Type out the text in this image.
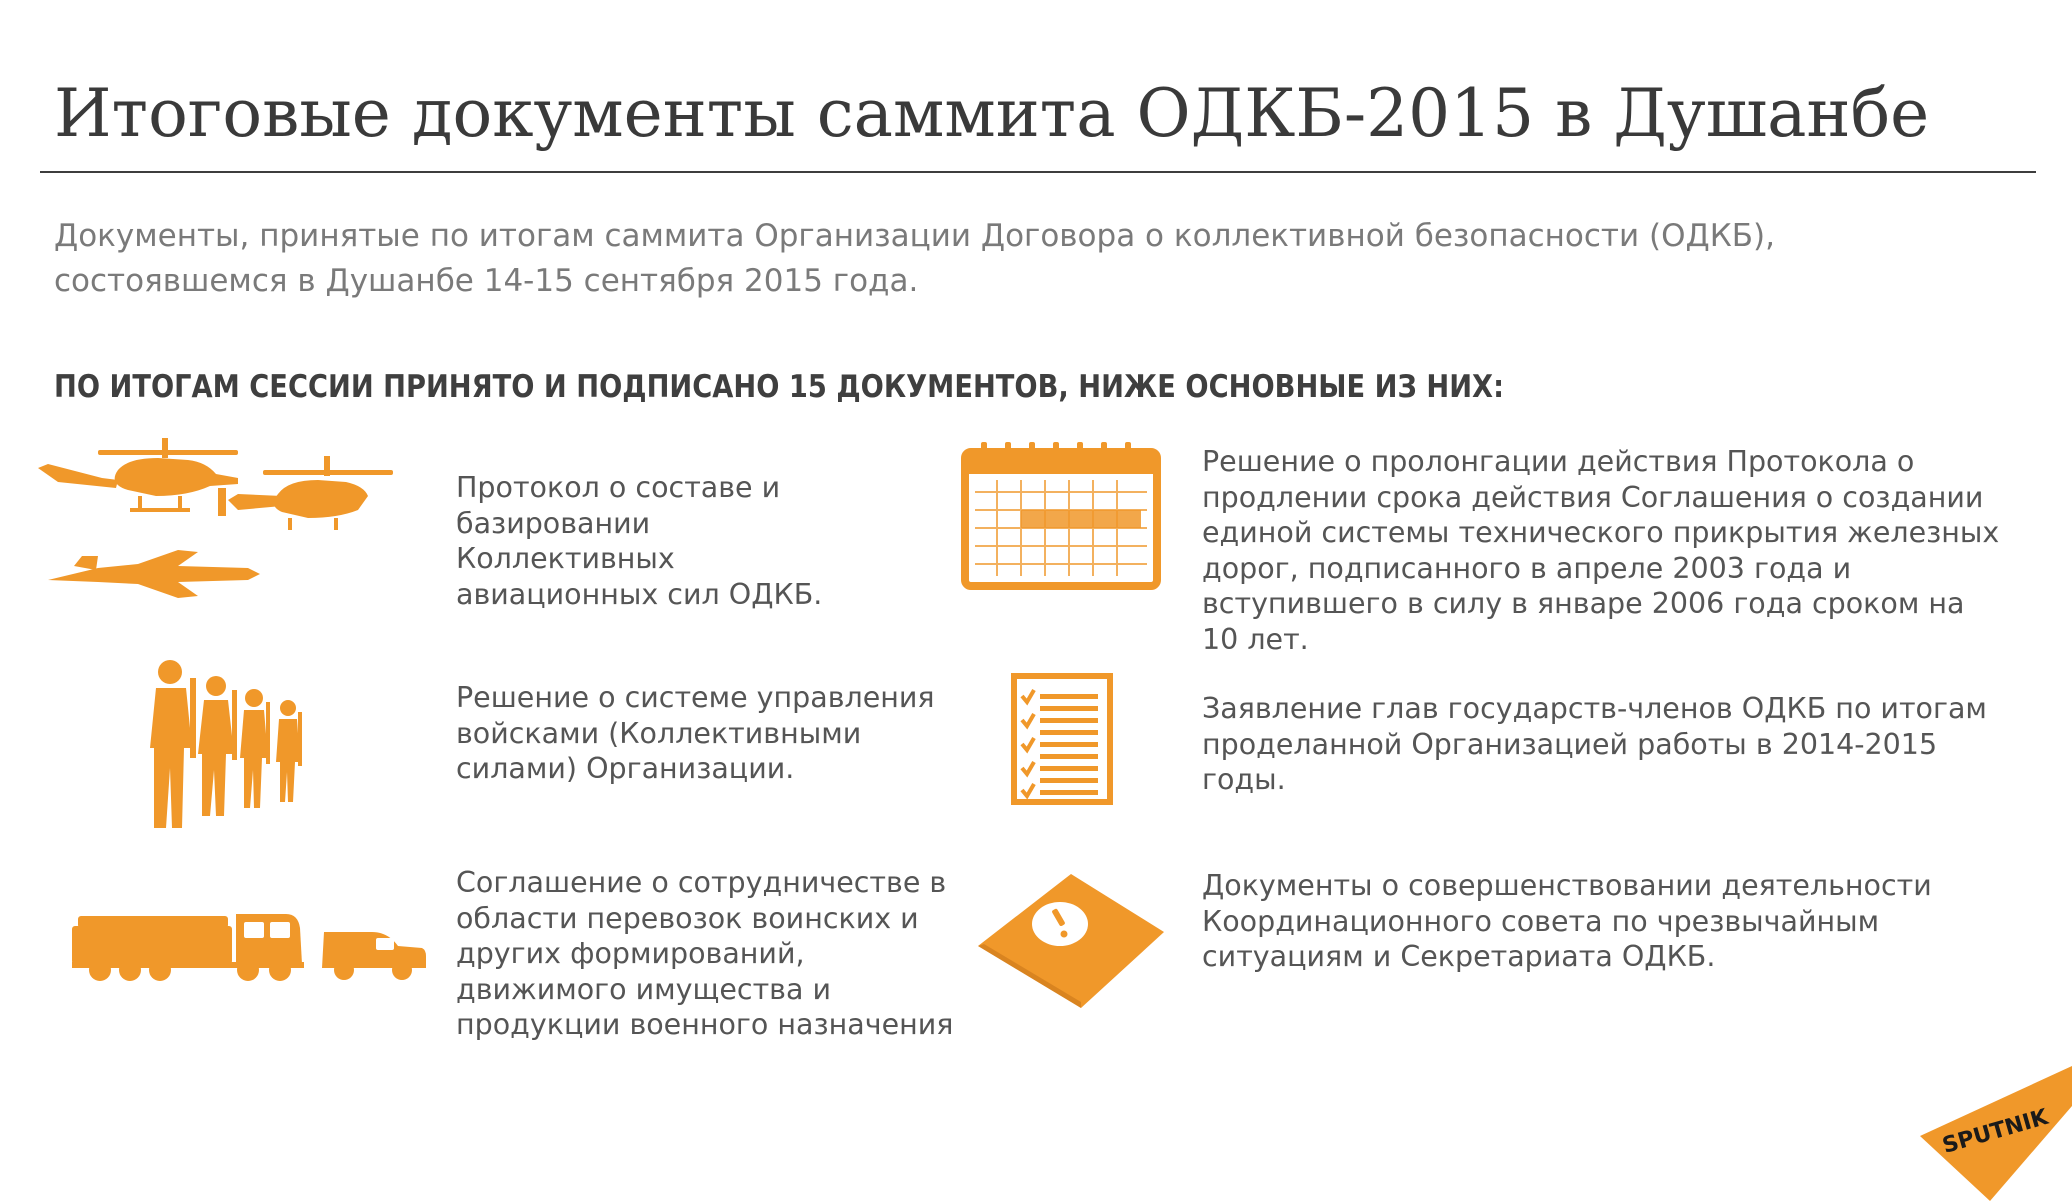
Итоговые документы саммита ОДКБ-2015 в Душанбе
Документы, принятые по итогам саммита Организации Договора о коллективной безопасности (ОДКБ), состоявшемся в Душанбе 14-15 сентября 2015 года.
ПО ИТОГАМ СЕССИИ ПРИНЯТО И ПОДПИСАНО 15 ДОКУМЕНТОВ, НИЖЕ ОСНОВНЫЕ ИЗ НИХ:
Протокол о составе и базировании Коллективных авиационных сил ОДКБ.
Решение о пролонгации действия Протокола о продлении срока действия Соглашения о создании единой системы технического прикрытия железных дорог, подписанного в апреле 2003 года и вступившего в силу в январе 2006 года сроком на 10 лет.
Решение о системе управления войсками (Коллективными силами) Организации.
Заявление глав государств-членов ОДКБ по итогам проделанной Организацией работы в 2014-2015 годы.
Соглашение о сотрудничестве в области перевозок воинских и других формирований, движимого имущества и продукции военного назначения
Документы о совершенствовании деятельности Координационного совета по чрезвычайным ситуациям и Секретариата ОДКБ.
SPUTNIK
